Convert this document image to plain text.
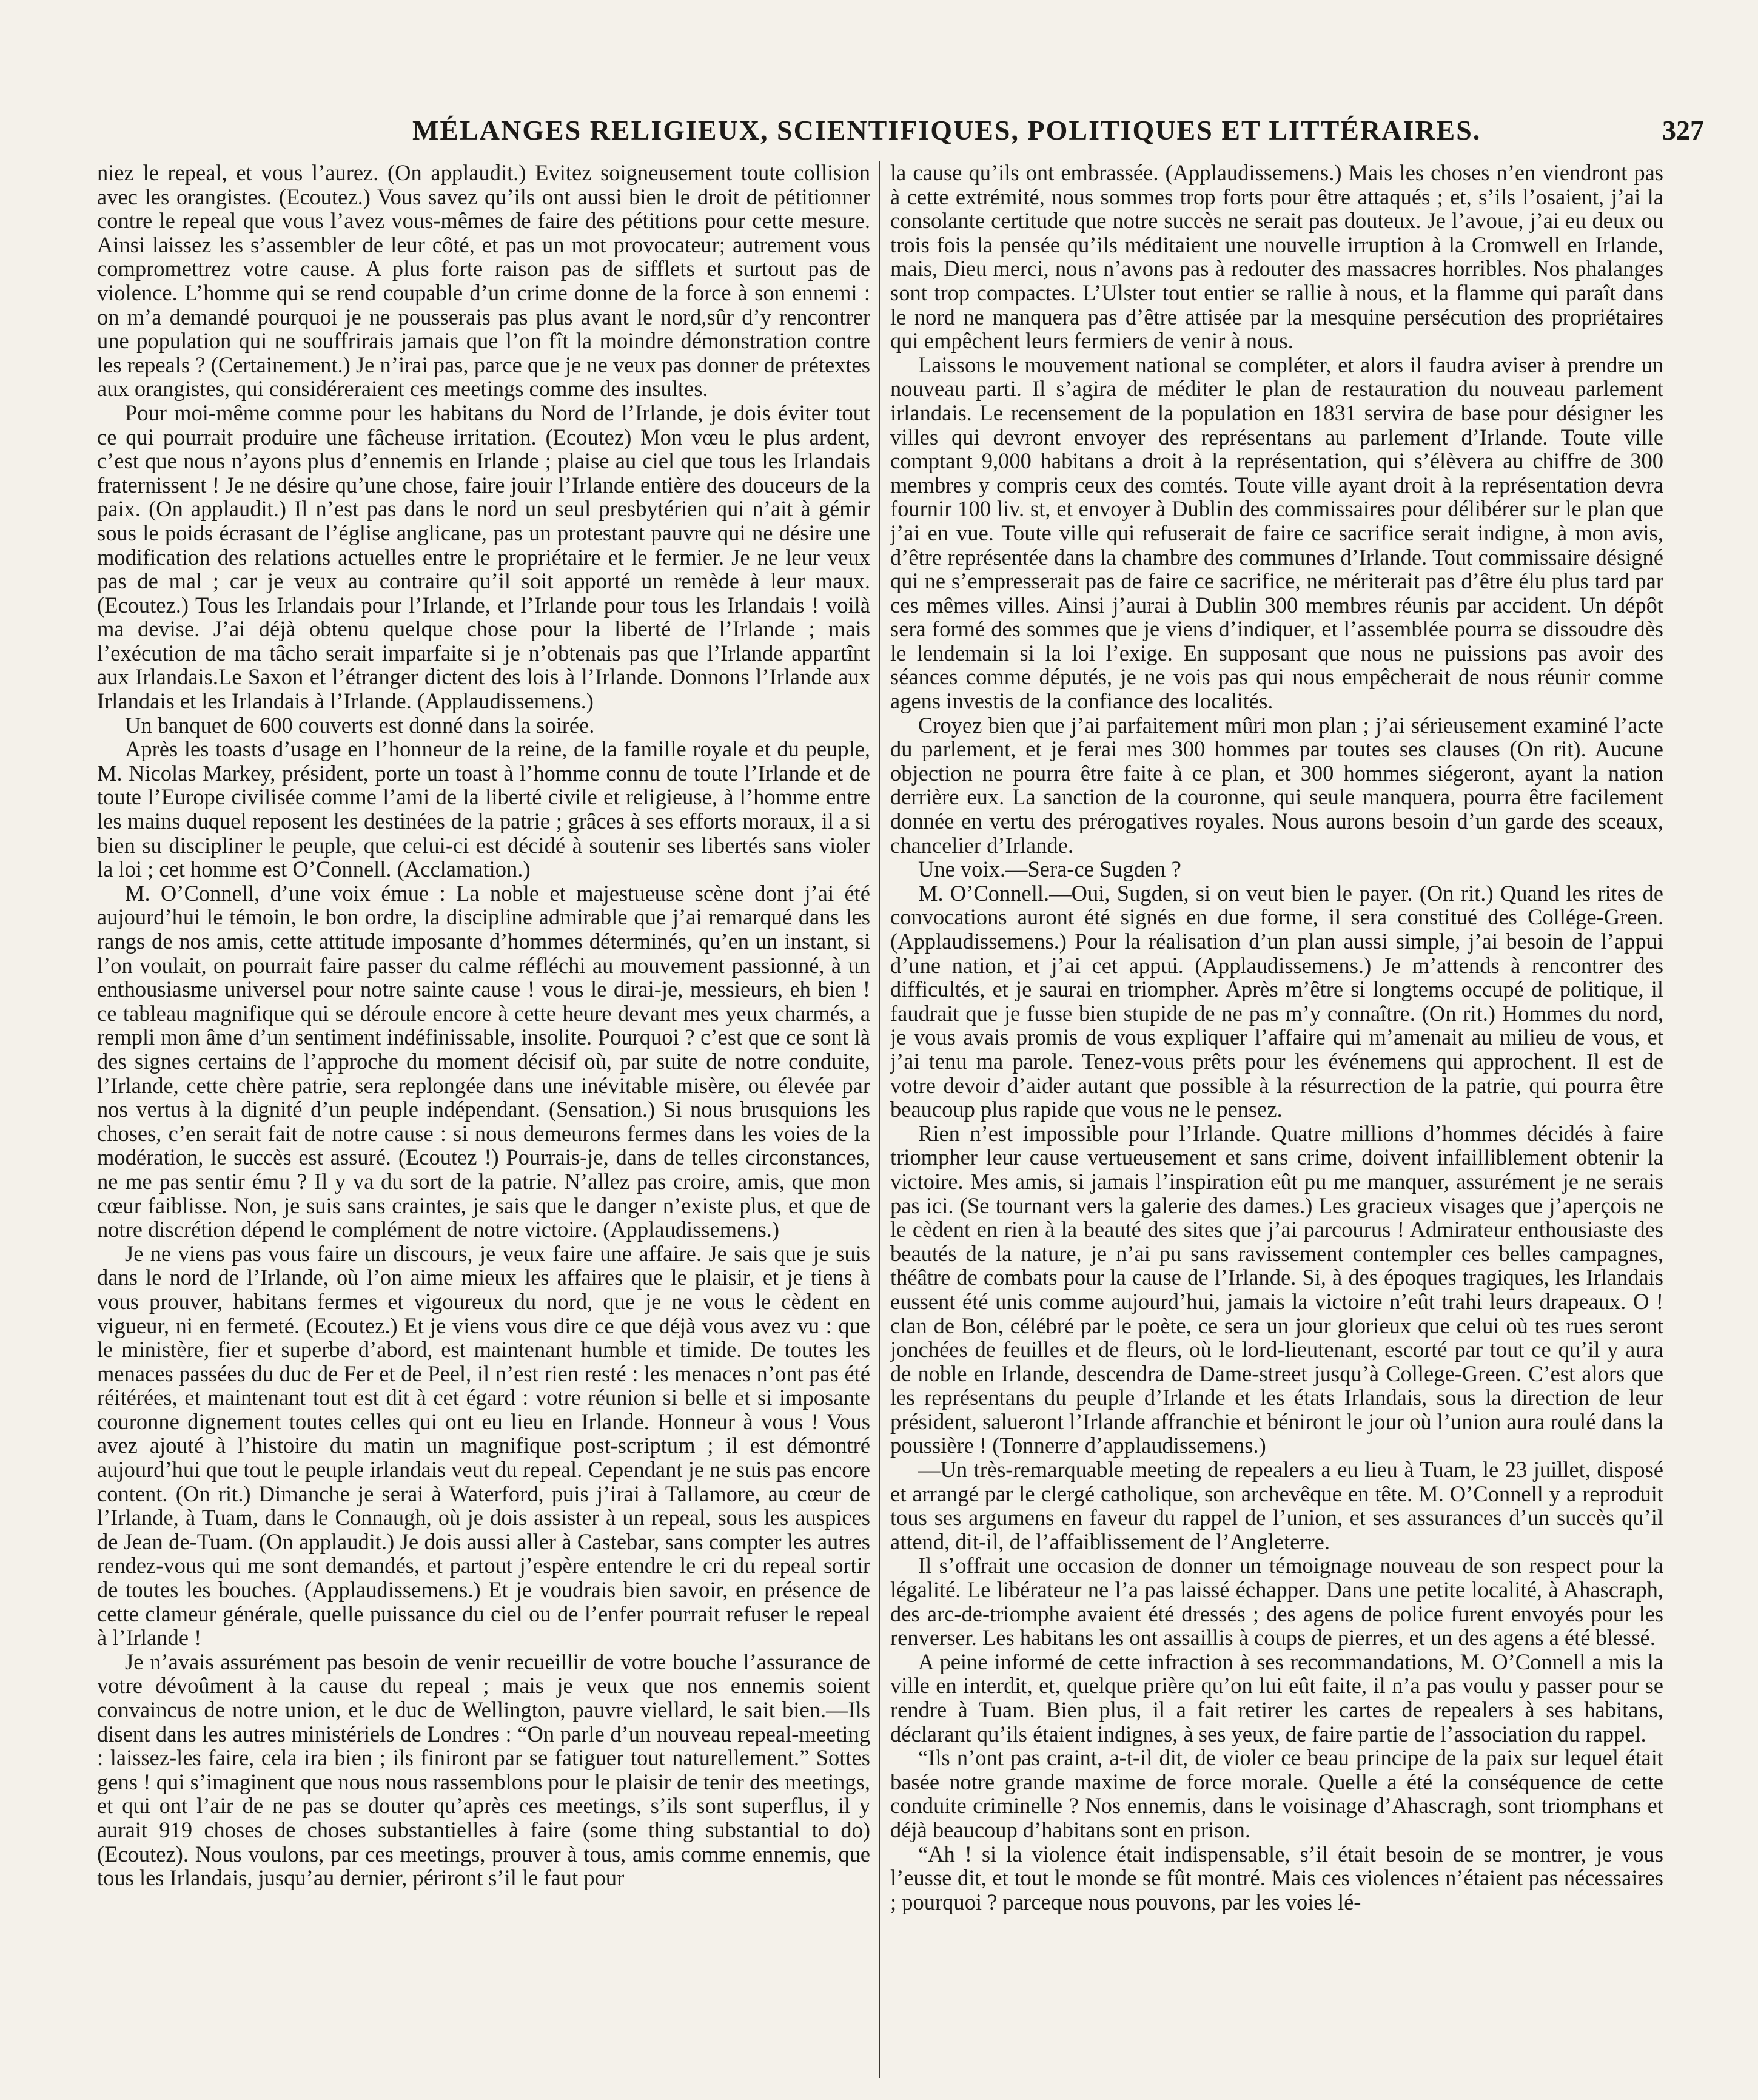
MÉLANGES RELIGIEUX, SCIENTIFIQUES, POLITIQUES ET LITTÉRAIRES.	327

niez le repeal, et vous l’aurez. (On applaudit.) Evitez soigneusement toute collision avec les orangistes. (Ecoutez.) Vous savez qu’ils ont aussi bien le droit de pétitionner contre le repeal que vous l’avez vous-mêmes de faire des pétitions pour cette mesure. Ainsi laissez les s’assembler de leur côté, et pas un mot provocateur; autrement vous compromettrez votre cause. A plus forte raison pas de sifflets et surtout pas de violence. L’homme qui se rend coupable d’un crime donne de la force à son ennemi : on m’a demandé pourquoi je ne pousserais pas plus avant le nord,sûr d’y rencontrer une population qui ne souffrirais jamais que l’on fît la moindre démonstration contre les repeals ? (Certainement.) Je n’irai pas, parce que je ne veux pas donner de prétextes aux orangistes, qui considéreraient ces meetings comme des insultes.

Pour moi-même comme pour les habitans du Nord de l’Irlande, je dois éviter tout ce qui pourrait produire une fâcheuse irritation. (Ecoutez) Mon vœu le plus ardent, c’est que nous n’ayons plus d’ennemis en Irlande ; plaise au ciel que tous les Irlandais fraternissent ! Je ne désire qu’une chose, faire jouir l’Irlande entière des douceurs de la paix. (On applaudit.) Il n’est pas dans le nord un seul presbytérien qui n’ait à gémir sous le poids écrasant de l’église anglicane, pas un protestant pauvre qui ne désire une modification des relations actuelles entre le propriétaire et le fermier. Je ne leur veux pas de mal ; car je veux au contraire qu’il soit apporté un remède à leur maux. (Ecoutez.) Tous les Irlandais pour l’Irlande, et l’Irlande pour tous les Irlandais ! voilà ma devise. J’ai déjà obtenu quelque chose pour la liberté de l’Irlande ; mais l’exécution de ma tâcho serait imparfaite si je n’obtenais pas que l’Irlande appartînt aux Irlandais.Le Saxon et l’étranger dictent des lois à l’Irlande. Donnons l’Irlande aux Irlandais et les Irlandais à l’Irlande. (Applaudissemens.)

Un banquet de 600 couverts est donné dans la soirée.

Après les toasts d’usage en l’honneur de la reine, de la famille royale et du peuple, M. Nicolas Markey, président, porte un toast à l’homme connu de toute l’Irlande et de toute l’Europe civilisée comme l’ami de la liberté civile et religieuse, à l’homme entre les mains duquel reposent les destinées de la patrie ; grâces à ses efforts moraux, il a si bien su discipliner le peuple, que celui-ci est décidé à soutenir ses libertés sans violer la loi ; cet homme est O’Connell. (Acclamation.)

M. O’Connell, d’une voix émue : La noble et majestueuse scène dont j’ai été aujourd’hui le témoin, le bon ordre, la discipline admirable que j’ai remarqué dans les rangs de nos amis, cette attitude imposante d’hommes déterminés, qu’en un instant, si l’on voulait, on pourrait faire passer du calme réfléchi au mouvement passionné, à un enthousiasme universel pour notre sainte cause ! vous le dirai-je, messieurs, eh bien ! ce tableau magnifique qui se déroule encore à cette heure devant mes yeux charmés, a rempli mon âme d’un sentiment indéfinissable, insolite. Pourquoi ? c’est que ce sont là des signes certains de l’approche du moment décisif où, par suite de notre conduite, l’Irlande, cette chère patrie, sera replongée dans une inévitable misère, ou élevée par nos vertus à la dignité d’un peuple indépendant. (Sensation.) Si nous brusquions les choses, c’en serait fait de notre cause : si nous demeurons fermes dans les voies de la modération, le succès est assuré. (Ecoutez !) Pourrais-je, dans de telles circonstances, ne me pas sentir ému ? Il y va du sort de la patrie. N’allez pas croire, amis, que mon cœur faiblisse. Non, je suis sans craintes, je sais que le danger n’existe plus, et que de notre discrétion dépend le complément de notre victoire. (Applaudissemens.)

Je ne viens pas vous faire un discours, je veux faire une affaire. Je sais que je suis dans le nord de l’Irlande, où l’on aime mieux les affaires que le plaisir, et je tiens à vous prouver, habitans fermes et vigoureux du nord, que je ne vous le cèdent en vigueur, ni en fermeté. (Ecoutez.) Et je viens vous dire ce que déjà vous avez vu : que le ministère, fier et superbe d’abord, est maintenant humble et timide. De toutes les menaces passées du duc de Fer et de Peel, il n’est rien resté : les menaces n’ont pas été réitérées, et maintenant tout est dit à cet égard : votre réunion si belle et si imposante couronne dignement toutes celles qui ont eu lieu en Irlande. Honneur à vous ! Vous avez ajouté à l’histoire du matin un magnifique post-scriptum ; il est démontré aujourd’hui que tout le peuple irlandais veut du repeal. Cependant je ne suis pas encore content. (On rit.) Dimanche je serai à Waterford, puis j’irai à Tallamore, au cœur de l’Irlande, à Tuam, dans le Connaugh, où je dois assister à un repeal, sous les auspices de Jean de-Tuam. (On applaudit.) Je dois aussi aller à Castebar, sans compter les autres rendez-vous qui me sont demandés, et partout j’espère entendre le cri du repeal sortir de toutes les bouches. (Applaudissemens.) Et je voudrais bien savoir, en présence de cette clameur générale, quelle puissance du ciel ou de l’enfer pourrait refuser le repeal à l’Irlande !

Je n’avais assurément pas besoin de venir recueillir de votre bouche l’assurance de votre dévoûment à la cause du repeal ; mais je veux que nos ennemis soient convaincus de notre union, et le duc de Wellington, pauvre viellard, le sait bien.—Ils disent dans les autres ministériels de Londres : “On parle d’un nouveau repeal-meeting : laissez-les faire, cela ira bien ; ils finiront par se fatiguer tout naturellement.” Sottes gens ! qui s’imaginent que nous nous rassemblons pour le plaisir de tenir des meetings, et qui ont l’air de ne pas se douter qu’après ces meetings, s’ils sont superflus, il y aurait 919 choses de choses substantielles à faire (some thing substantial to do) (Ecoutez). Nous voulons, par ces meetings, prouver à tous, amis comme ennemis, que tous les Irlandais, jusqu’au dernier, périront s’il le faut pour

la cause qu’ils ont embrassée. (Applaudissemens.) Mais les choses n’en viendront pas à cette extrémité, nous sommes trop forts pour être attaqués ; et, s’ils l’osaient, j’ai la consolante certitude que notre succès ne serait pas douteux. Je l’avoue, j’ai eu deux ou trois fois la pensée qu’ils méditaient une nouvelle irruption à la Cromwell en Irlande, mais, Dieu merci, nous n’avons pas à redouter des massacres horribles. Nos phalanges sont trop compactes. L’Ulster tout entier se rallie à nous, et la flamme qui paraît dans le nord ne manquera pas d’être attisée par la mesquine persécution des propriétaires qui empêchent leurs fermiers de venir à nous.

Laissons le mouvement national se compléter, et alors il faudra aviser à prendre un nouveau parti. Il s’agira de méditer le plan de restauration du nouveau parlement irlandais. Le recensement de la population en 1831 servira de base pour désigner les villes qui devront envoyer des représentans au parlement d’Irlande. Toute ville comptant 9,000 habitans a droit à la représentation, qui s’élèvera au chiffre de 300 membres y compris ceux des comtés. Toute ville ayant droit à la représentation devra fournir 100 liv. st, et envoyer à Dublin des commissaires pour délibérer sur le plan que j’ai en vue. Toute ville qui refuserait de faire ce sacrifice serait indigne, à mon avis, d’être représentée dans la chambre des communes d’Irlande. Tout commissaire désigné qui ne s’empresserait pas de faire ce sacrifice, ne mériterait pas d’être élu plus tard par ces mêmes villes. Ainsi j’aurai à Dublin 300 membres réunis par accident. Un dépôt sera formé des sommes que je viens d’indiquer, et l’assemblée pourra se dissoudre dès le lendemain si la loi l’exige. En supposant que nous ne puissions pas avoir des séances comme députés, je ne vois pas qui nous empêcherait de nous réunir comme agens investis de la confiance des localités.

Croyez bien que j’ai parfaitement mûri mon plan ; j’ai sérieusement examiné l’acte du parlement, et je ferai mes 300 hommes par toutes ses clauses (On rit). Aucune objection ne pourra être faite à ce plan, et 300 hommes siégeront, ayant la nation derrière eux. La sanction de la couronne, qui seule manquera, pourra être facilement donnée en vertu des prérogatives royales. Nous aurons besoin d’un garde des sceaux, chancelier d’Irlande.

Une voix.—Sera-ce Sugden ?

M. O’Connell.—Oui, Sugden, si on veut bien le payer. (On rit.) Quand les rites de convocations auront été signés en due forme, il sera constitué des Collége-Green. (Applaudissemens.) Pour la réalisation d’un plan aussi simple, j’ai besoin de l’appui d’une nation, et j’ai cet appui. (Applaudissemens.) Je m’attends à rencontrer des difficultés, et je saurai en triompher. Après m’être si longtems occupé de politique, il faudrait que je fusse bien stupide de ne pas m’y connaître. (On rit.) Hommes du nord, je vous avais promis de vous expliquer l’affaire qui m’amenait au milieu de vous, et j’ai tenu ma parole. Tenez-vous prêts pour les événemens qui approchent. Il est de votre devoir d’aider autant que possible à la résurrection de la patrie, qui pourra être beaucoup plus rapide que vous ne le pensez.

Rien n’est impossible pour l’Irlande. Quatre millions d’hommes décidés à faire triompher leur cause vertueusement et sans crime, doivent infailliblement obtenir la victoire. Mes amis, si jamais l’inspiration eût pu me manquer, assurément je ne serais pas ici. (Se tournant vers la galerie des dames.) Les gracieux visages que j’aperçois ne le cèdent en rien à la beauté des sites que j’ai parcourus ! Admirateur enthousiaste des beautés de la nature, je n’ai pu sans ravissement contempler ces belles campagnes, théâtre de combats pour la cause de l’Irlande. Si, à des époques tragiques, les Irlandais eussent été unis comme aujourd’hui, jamais la victoire n’eût trahi leurs drapeaux. O ! clan de Bon, célébré par le poète, ce sera un jour glorieux que celui où tes rues seront jonchées de feuilles et de fleurs, où le lord-lieutenant, escorté par tout ce qu’il y aura de noble en Irlande, descendra de Dame-street jusqu’à College-Green. C’est alors que les représentans du peuple d’Irlande et les états Irlandais, sous la direction de leur président, salueront l’Irlande affranchie et béniront le jour où l’union aura roulé dans la poussière ! (Tonnerre d’applaudissemens.)

—Un très-remarquable meeting de repealers a eu lieu à Tuam, le 23 juillet, disposé et arrangé par le clergé catholique, son archevêque en tête. M. O’Connell y a reproduit tous ses argumens en faveur du rappel de l’union, et ses assurances d’un succès qu’il attend, dit-il, de l’affaiblissement de l’Angleterre.

Il s’offrait une occasion de donner un témoignage nouveau de son respect pour la légalité. Le libérateur ne l’a pas laissé échapper. Dans une petite localité, à Ahascraph, des arc-de-triomphe avaient été dressés ; des agens de police furent envoyés pour les renverser. Les habitans les ont assaillis à coups de pierres, et un des agens a été blessé.

A peine informé de cette infraction à ses recommandations, M. O’Connell a mis la ville en interdit, et, quelque prière qu’on lui eût faite, il n’a pas voulu y passer pour se rendre à Tuam. Bien plus, il a fait retirer les cartes de repealers à ses habitans, déclarant qu’ils étaient indignes, à ses yeux, de faire partie de l’association du rappel.

“Ils n’ont pas craint, a-t-il dit, de violer ce beau principe de la paix sur lequel était basée notre grande maxime de force morale. Quelle a été la conséquence de cette conduite criminelle ? Nos ennemis, dans le voisinage d’Ahascragh, sont triomphans et déjà beaucoup d’habitans sont en prison.

“Ah ! si la violence était indispensable, s’il était besoin de se montrer, je vous l’eusse dit, et tout le monde se fût montré. Mais ces violences n’étaient pas nécessaires ; pourquoi ? parceque nous pouvons, par les voies lé-
